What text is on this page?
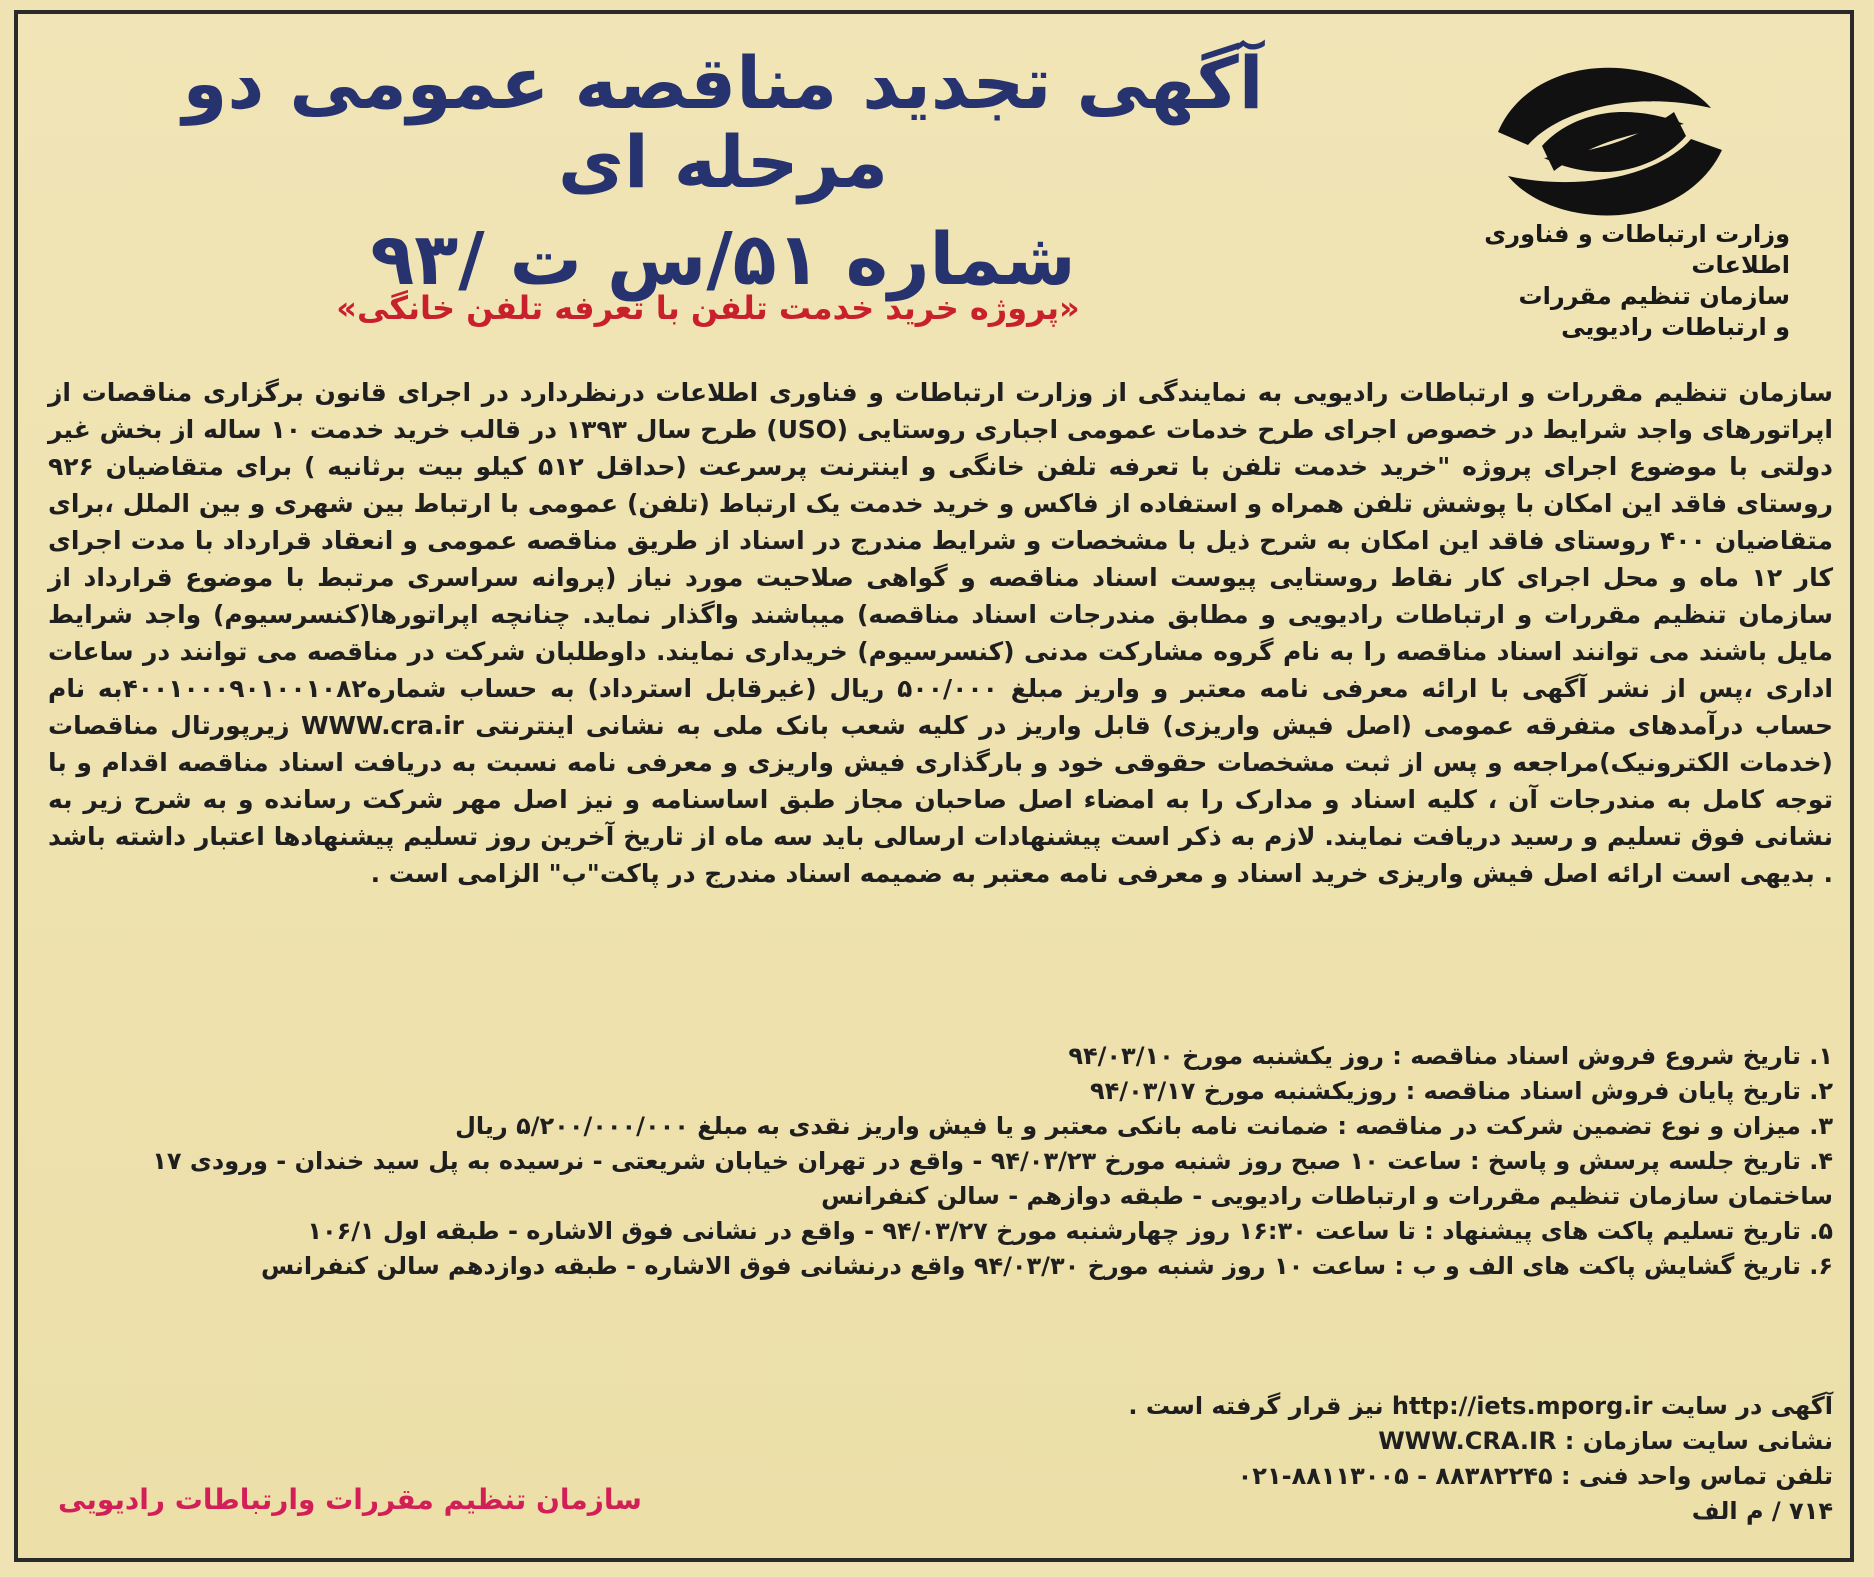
آگهی تجدید مناقصه عمومی دو مرحله ای
شماره ۵۱/س ت /۹۳	وزارت ارتباطات و فناوری اطلاعات
سازمان تنظیم مقررات
و ارتباطات رادیویی
«پروژه خرید خدمت تلفن با تعرفه تلفن خانگی»
سازمان تنظیم مقررات و ارتباطات رادیویی به نمایندگی از وزارت ارتباطات و فناوری اطلاعات درنظردارد در اجرای قانون برگزاری مناقصات از اپراتورهای واجد شرایط در خصوص اجرای طرح خدمات عمومی اجباری روستایی (USO) طرح سال ۱۳۹۳ در قالب خرید خدمت ۱۰ ساله از بخش غیر دولتی با موضوع اجرای پروژه "خرید خدمت تلفن با تعرفه تلفن خانگی و اینترنت پرسرعت (حداقل ۵۱۲ کیلو بیت برثانیه ) برای متقاضیان ۹۲۶ روستای فاقد این امکان با پوشش تلفن همراه و استفاده از فاکس و خرید خدمت یک ارتباط (تلفن) عمومی با ارتباط بین شهری و بین الملل ،برای متقاضیان ۴۰۰ روستای فاقد این امکان به شرح ذیل با مشخصات و شرایط مندرج در اسناد از طریق مناقصه عمومی و انعقاد قرارداد با مدت اجرای کار ۱۲ ماه و محل اجرای کار نقاط روستایی پیوست اسناد مناقصه و گواهی صلاحیت مورد نیاز (پروانه سراسری مرتبط با موضوع قرارداد از سازمان تنظیم مقررات و ارتباطات رادیویی و مطابق مندرجات اسناد مناقصه) میباشند واگذار نماید. چنانچه اپراتورها(کنسرسیوم) واجد شرایط مایل باشند می توانند اسناد مناقصه را به نام گروه مشارکت مدنی (کنسرسیوم) خریداری نمایند. داوطلبان شرکت در مناقصه می توانند در ساعات اداری ،پس از نشر آگهی با ارائه معرفی نامه معتبر و واریز مبلغ ۵۰۰/۰۰۰ ریال (غیرقابل استرداد) به حساب شماره۴۰۰۱۰۰۰۹۰۱۰۰۱۰۸۲به نام حساب درآمدهای متفرقه عمومی (اصل فیش واریزی) قابل واریز در کلیه شعب بانک ملی به نشانی اینترنتی WWW.cra.ir زیرپورتال مناقصات (خدمات الکترونیک)مراجعه و پس از ثبت مشخصات حقوقی خود و بارگذاری فیش واریزی و معرفی نامه نسبت به دریافت اسناد مناقصه اقدام و با توجه کامل به مندرجات آن ، کلیه اسناد و مدارک را به امضاء اصل صاحبان مجاز طبق اساسنامه و نیز اصل مهر شرکت رسانده و به شرح زیر به نشانی فوق تسلیم و رسید دریافت نمایند. لازم به ذکر است پیشنهادات ارسالی باید سه ماه از تاریخ آخرین روز تسلیم پیشنهادها اعتبار داشته باشد . بدیهی است ارائه اصل فیش واریزی خرید اسناد و معرفی نامه معتبر به ضمیمه اسناد مندرج در پاکت"ب" الزامی است .
۱. تاریخ شروع فروش اسناد مناقصه : روز یکشنبه مورخ ۹۴/۰۳/۱۰
۲. تاریخ پایان فروش اسناد مناقصه : روزیکشنبه مورخ ۹۴/۰۳/۱۷
۳. میزان و نوع تضمین شرکت در مناقصه : ضمانت نامه بانکی معتبر و یا فیش واریز نقدی به مبلغ ۵/۲۰۰/۰۰۰/۰۰۰ ریال
۴. تاریخ جلسه پرسش و پاسخ : ساعت ۱۰ صبح روز شنبه مورخ ۹۴/۰۳/۲۳ - واقع در تهران خیابان شریعتی - نرسیده به پل سید خندان - ورودی ۱۷ ساختمان سازمان تنظیم مقررات و ارتباطات رادیویی - طبقه دوازهم - سالن کنفرانس
۵. تاریخ تسلیم پاکت های پیشنهاد : تا ساعت ۱۶:۳۰ روز چهارشنبه مورخ ۹۴/۰۳/۲۷ - واقع در نشانی فوق الاشاره - طبقه اول ۱۰۶/۱
۶. تاریخ گشایش پاکت های الف و ب : ساعت ۱۰ روز شنبه مورخ ۹۴/۰۳/۳۰ واقع درنشانی فوق الاشاره - طبقه دوازدهم سالن کنفرانس
آگهی در سایت http://iets.mporg.ir نیز قرار گرفته است .
نشانی سایت سازمان : WWW.CRA.IR
تلفن تماس واحد فنی : ۸۸۳۸۲۲۴۵ - ۸۸۱۱۳۰۰۵-۰۲۱
۷۱۴ / م الف
سازمان تنظیم مقررات وارتباطات رادیویی
